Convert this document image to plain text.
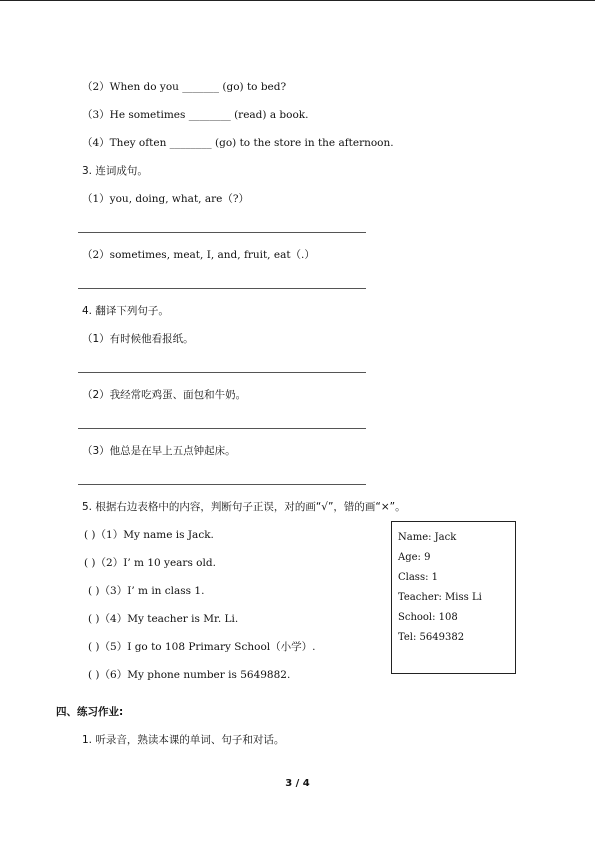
（2）When do you _______ (go) to bed?
（3）He sometimes ________ (read) a book.
（4）They often ________ (go) to the store in the afternoon.
3. 连词成句。
（1）you, doing, what, are（?）
（2）sometimes, meat, I, and, fruit, eat（.）
4. 翻译下列句子。
（1）有时候他看报纸。
（2）我经常吃鸡蛋、面包和牛奶。
（3）他总是在早上五点钟起床。
5. 根据右边表格中的内容，判断句子正误，对的画“√”，错的画“×”。
( )（1）My name is Jack.
( )（2）I’ m 10 years old.
( )（3）I’ m in class 1.
( )（4）My teacher is Mr. Li.
( )（5）I go to 108 Primary School（小学）.
( )（6）My phone number is 5649882.
Name: Jack
Age: 9
Class: 1
Teacher: Miss Li
School: 108
Tel: 5649382
四、练习作业:
1. 听录音，熟读本课的单词、句子和对话。
3 / 4
